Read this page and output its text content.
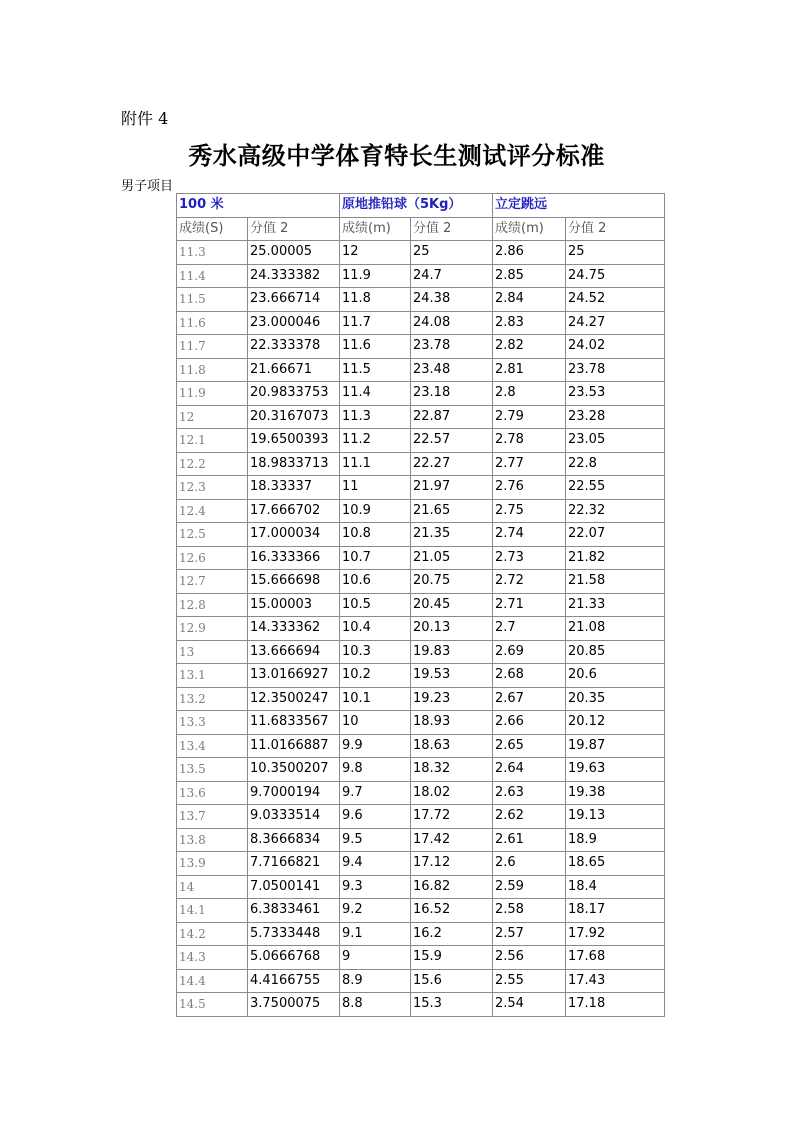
附件 4
秀水高级中学体育特长生测试评分标准
男子项目
100 米		原地推铅球（5Kg）		立定跳远	
成绩(S)	分值 2	成绩(m)	分值 2	成绩(m)	分值 2
11.3	25.00005	12	25	2.86	25
11.4	24.333382	11.9	24.7	2.85	24.75
11.5	23.666714	11.8	24.38	2.84	24.52
11.6	23.000046	11.7	24.08	2.83	24.27
11.7	22.333378	11.6	23.78	2.82	24.02
11.8	21.66671	11.5	23.48	2.81	23.78
11.9	20.9833753	11.4	23.18	2.8	23.53
12	20.3167073	11.3	22.87	2.79	23.28
12.1	19.6500393	11.2	22.57	2.78	23.05
12.2	18.9833713	11.1	22.27	2.77	22.8
12.3	18.33337	11	21.97	2.76	22.55
12.4	17.666702	10.9	21.65	2.75	22.32
12.5	17.000034	10.8	21.35	2.74	22.07
12.6	16.333366	10.7	21.05	2.73	21.82
12.7	15.666698	10.6	20.75	2.72	21.58
12.8	15.00003	10.5	20.45	2.71	21.33
12.9	14.333362	10.4	20.13	2.7	21.08
13	13.666694	10.3	19.83	2.69	20.85
13.1	13.0166927	10.2	19.53	2.68	20.6
13.2	12.3500247	10.1	19.23	2.67	20.35
13.3	11.6833567	10	18.93	2.66	20.12
13.4	11.0166887	9.9	18.63	2.65	19.87
13.5	10.3500207	9.8	18.32	2.64	19.63
13.6	9.7000194	9.7	18.02	2.63	19.38
13.7	9.0333514	9.6	17.72	2.62	19.13
13.8	8.3666834	9.5	17.42	2.61	18.9
13.9	7.7166821	9.4	17.12	2.6	18.65
14	7.0500141	9.3	16.82	2.59	18.4
14.1	6.3833461	9.2	16.52	2.58	18.17
14.2	5.7333448	9.1	16.2	2.57	17.92
14.3	5.0666768	9	15.9	2.56	17.68
14.4	4.4166755	8.9	15.6	2.55	17.43
14.5	3.7500075	8.8	15.3	2.54	17.18
